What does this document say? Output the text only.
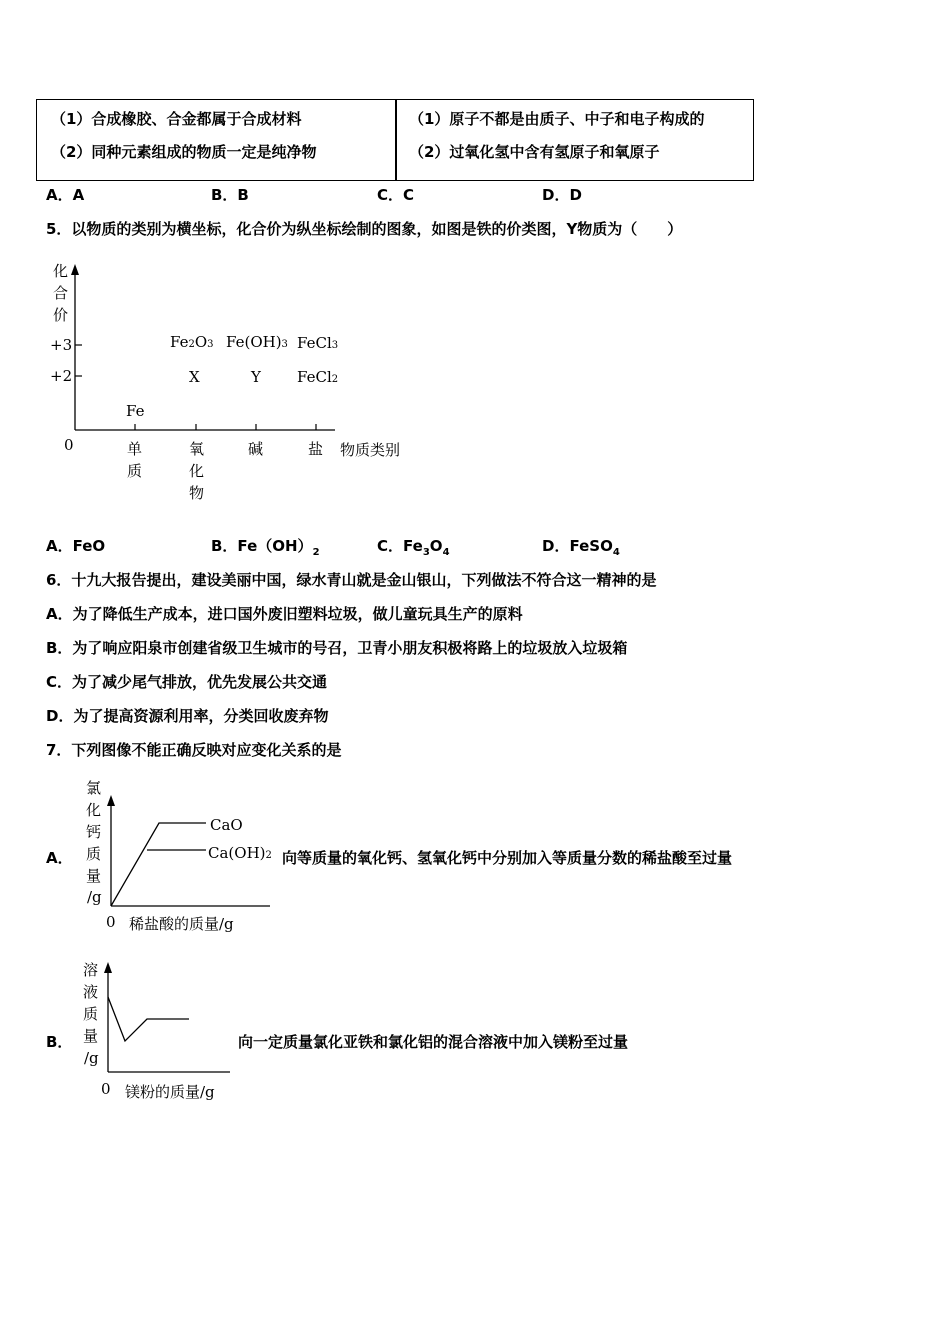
（1）合成橡胶、合金都属于合成材料
（2）同种元素组成的物质一定是纯净物
（1）原子不都是由质子、中子和电子构成的
（2）过氧化氢中含有氢原子和氧原子
A．A	B．B	C．C	D．D
5．以物质的类别为横坐标，化合价为纵坐标绘制的图象，如图是铁的价类图，Y物质为（　　）
化
合
价
+3
+2
0	单
质
氧
化
物
碱	盐 物质类别
Fe
Fe2O3 Fe(OH)3 FeCl3
X	Y FeCl2
氯
化
钙
质
量
/g
0 稀盐酸的质量/g
CaO
Ca(OH)2
溶
液
质
量
/g
0 镁粉的质量/g
A．FeO	B．$Fe(OH)_2$	C．$Fe_3O_4$	D．FeSO$_4$
6．十九大报告提出，建设美丽中国，绿水青山就是金山银山，下列做法不符合这一精神的是
A．为了降低生产成本，进口国外废旧塑料垃圾，做儿童玩具生产的原料
B．为了响应阳泉市创建省级卫生城市的号召，卫青小朋友积极将路上的垃圾放入垃圾箱
C．为了减少尾气排放，优先发展公共交通
D．为了提高资源利用率，分类回收废弃物
7．下列图像不能正确反映对应变化关系的是
A．	向等质量的氧化钙、氢氧化钙中分别加入等质量分数的稀盐酸至过量
B．	向一定质量氯化亚铁和氯化铝的混合溶液中加入镁粉至过量
